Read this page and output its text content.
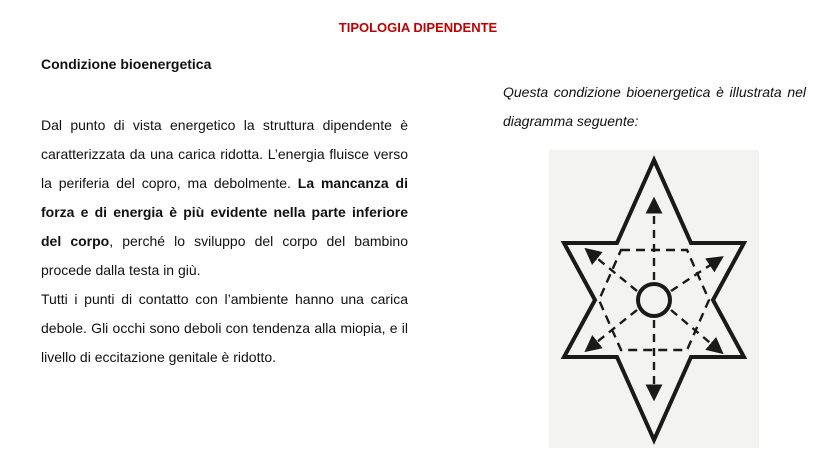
TIPOLOGIA DIPENDENTE
Condizione bioenergetica

Dal punto di vista energetico la struttura dipendente è caratterizzata da una carica ridotta. L’energia fluisce verso la periferia del copro, ma debolmente. La mancanza di forza e di energia è più evidente nella parte inferiore del corpo, perché lo sviluppo del corpo del bambino procede dalla testa in giù.

Tutti i punti di contatto con l’ambiente hanno una carica debole. Gli occhi sono deboli con tendenza alla miopia, e il livello di eccitazione genitale è ridotto.

Questa condizione bioenergetica è illustrata nel diagramma seguente:
